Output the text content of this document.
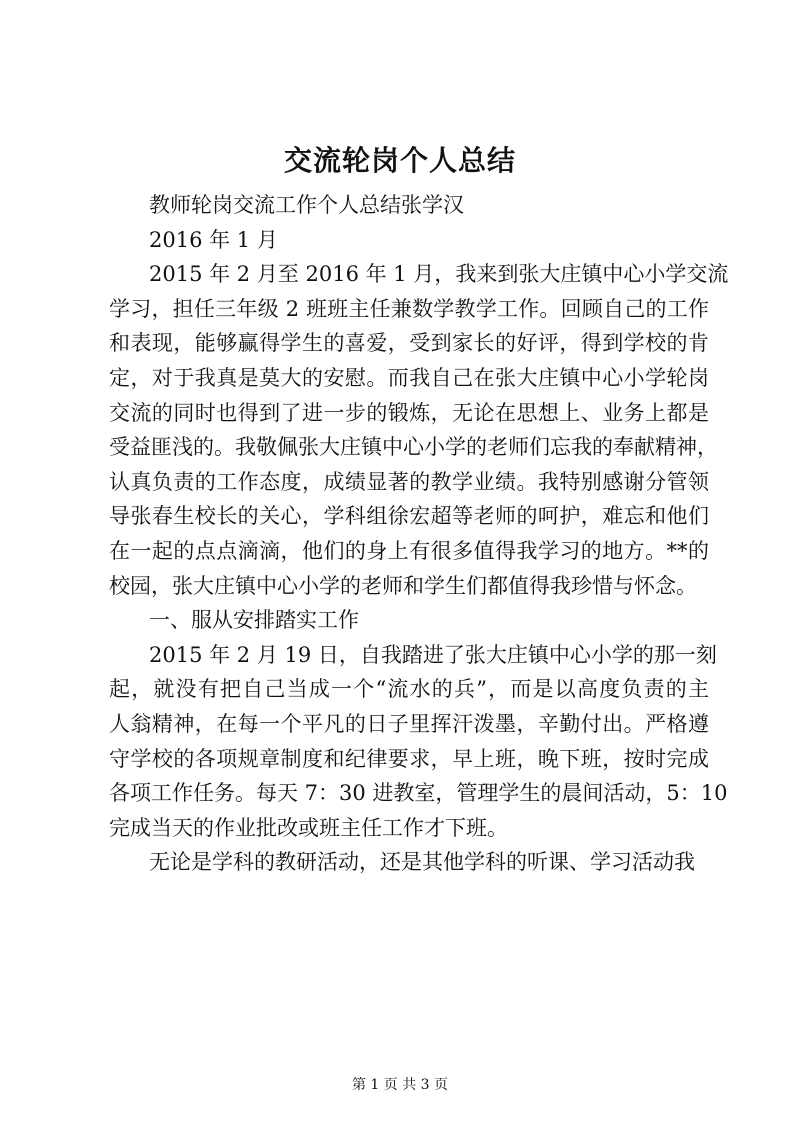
交流轮岗个人总结
教师轮岗交流工作个人总结张学汉
2016 年 1 月
2015 年 2 月至 2016 年 1 月，我来到张大庄镇中心小学交流
学习，担任三年级 2 班班主任兼数学教学工作。回顾自己的工作
和表现，能够赢得学生的喜爱，受到家长的好评，得到学校的肯
定，对于我真是莫大的安慰。而我自己在张大庄镇中心小学轮岗
交流的同时也得到了进一步的锻炼，无论在思想上、业务上都是
受益匪浅的。我敬佩张大庄镇中心小学的老师们忘我的奉献精神，
认真负责的工作态度，成绩显著的教学业绩。我特别感谢分管领
导张春生校长的关心，学科组徐宏超等老师的呵护，难忘和他们
在一起的点点滴滴，他们的身上有很多值得我学习的地方。**的
校园，张大庄镇中心小学的老师和学生们都值得我珍惜与怀念。
一、服从安排踏实工作
2015 年 2 月 19 日，自我踏进了张大庄镇中心小学的那一刻
起，就没有把自己当成一个“流水的兵”，而是以高度负责的主
人翁精神，在每一个平凡的日子里挥汗泼墨，辛勤付出。严格遵
守学校的各项规章制度和纪律要求，早上班，晚下班，按时完成
各项工作任务。每天 7：30 进教室，管理学生的晨间活动，5：10
完成当天的作业批改或班主任工作才下班。
无论是学科的教研活动，还是其他学科的听课、学习活动我
第 1 页 共 3 页
